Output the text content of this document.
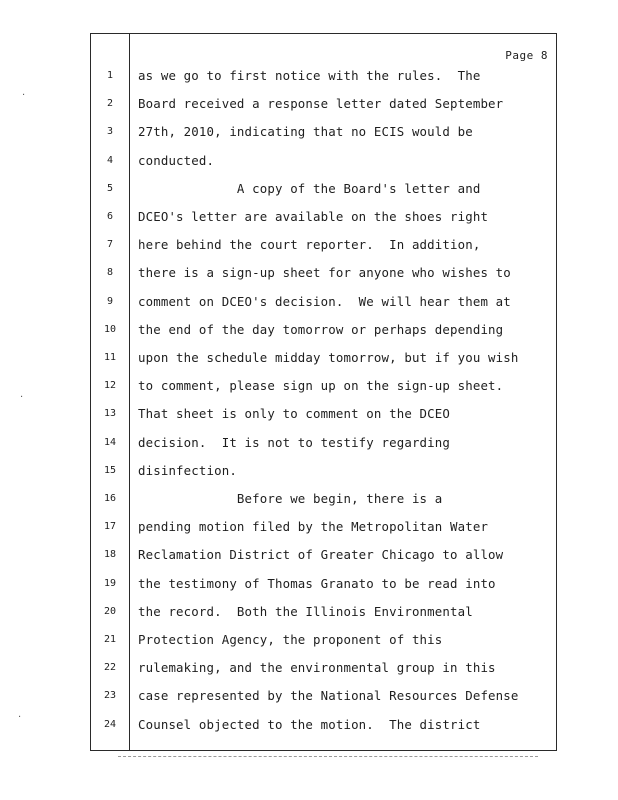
Page 8
1	as we go to first notice with the rules.  The
2	Board received a response letter dated September
3	27th, 2010, indicating that no ECIS would be
4	conducted.
5	A copy of the Board's letter and
6	DCEO's letter are available on the shoes right
7	here behind the court reporter.  In addition,
8	there is a sign-up sheet for anyone who wishes to
9	comment on DCEO's decision.  We will hear them at
10	the end of the day tomorrow or perhaps depending
11	upon the schedule midday tomorrow, but if you wish
12	to comment, please sign up on the sign-up sheet.
13	That sheet is only to comment on the DCEO
14	decision.  It is not to testify regarding
15	disinfection.
16	Before we begin, there is a
17	pending motion filed by the Metropolitan Water
18	Reclamation District of Greater Chicago to allow
19	the testimony of Thomas Granato to be read into
20	the record.  Both the Illinois Environmental
21	Protection Agency, the proponent of this
22	rulemaking, and the environmental group in this
23	case represented by the National Resources Defense
24	Counsel objected to the motion.  The district
·
·
·
